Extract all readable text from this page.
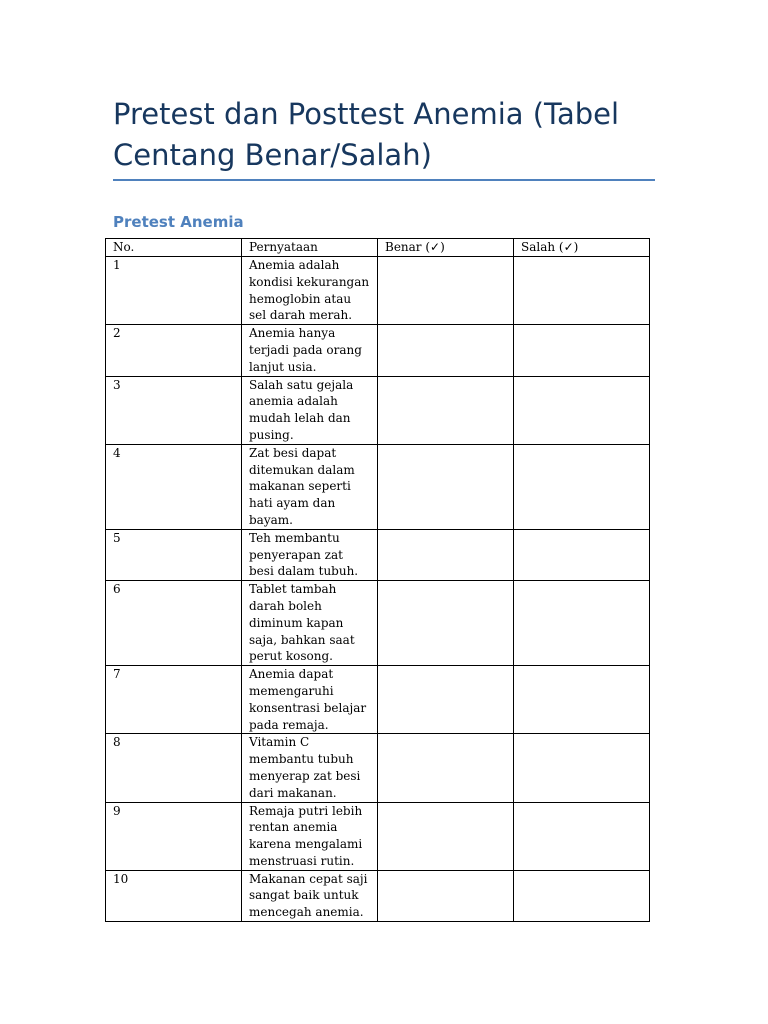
Pretest dan Posttest Anemia (Tabel Centang Benar/Salah)
Pretest Anemia
No.	Pernyataan	Benar (✓)	Salah (✓)
1	Anemia adalah kondisi kekurangan hemoglobin atau sel darah merah.		
2	Anemia hanya terjadi pada orang lanjut usia.		
3	Salah satu gejala anemia adalah mudah lelah dan pusing.		
4	Zat besi dapat ditemukan dalam makanan seperti hati ayam dan bayam.		
5	Teh membantu penyerapan zat besi dalam tubuh.		
6	Tablet tambah darah boleh diminum kapan saja, bahkan saat perut kosong.		
7	Anemia dapat memengaruhi konsentrasi belajar pada remaja.		
8	Vitamin C membantu tubuh menyerap zat besi dari makanan.		
9	Remaja putri lebih rentan anemia karena mengalami menstruasi rutin.		
10	Makanan cepat saji sangat baik untuk mencegah anemia.		
